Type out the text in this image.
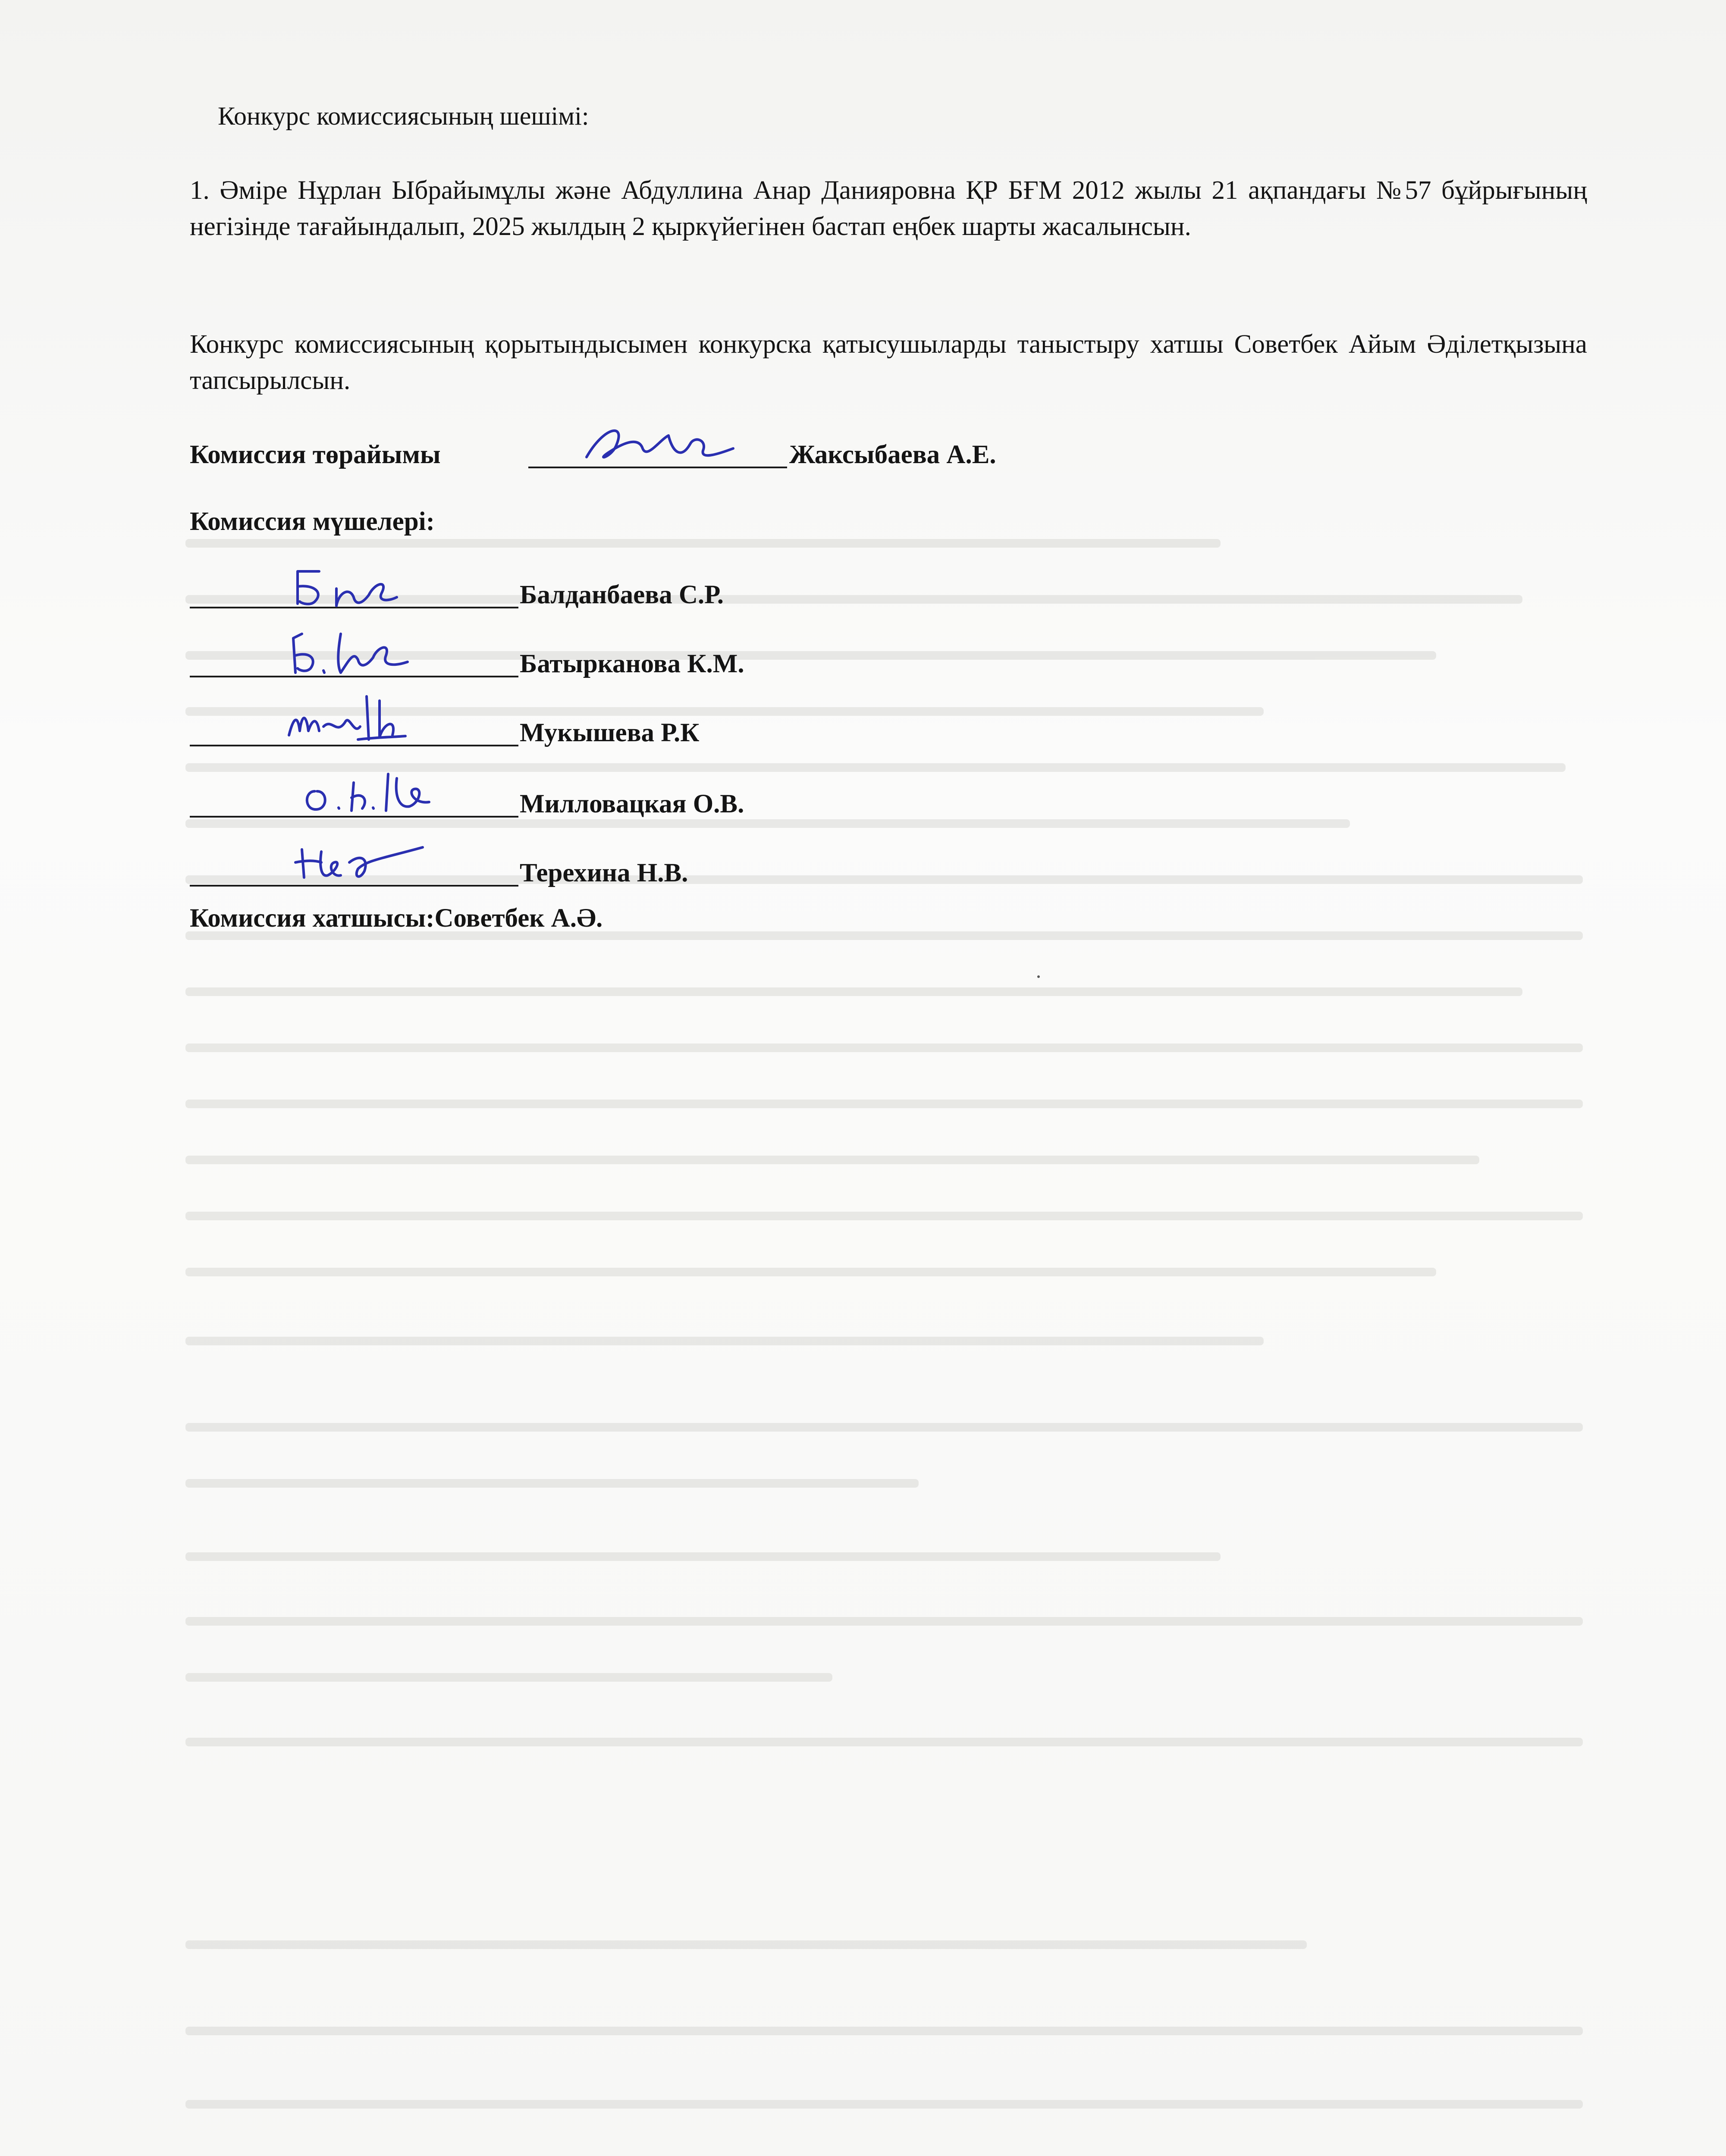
Конкурс комиссиясының шешімі:
1. Әміре Нұрлан Ыбрайымұлы және Абдуллина Анар Данияровна ҚР БҒМ 2012 жылы 21 ақпандағы №57 бұйрығының негізінде тағайындалып, 2025 жылдың 2 қыркүйегінен бастап еңбек шарты жасалынсын.
Конкурс комиссиясының қорытындысымен конкурска қатысушыларды таныстыру хатшы Советбек Айым Әділетқызына тапсырылсын.
Комиссия төрайымы	Жаксыбаева А.Е.
Комиссия мүшелері:
Балданбаева С.Р.
Батырканова К.М.
Мукышева Р.К
Милловацкая О.В.
Терехина Н.В.
Комиссия хатшысы:Советбек А.Ә.
